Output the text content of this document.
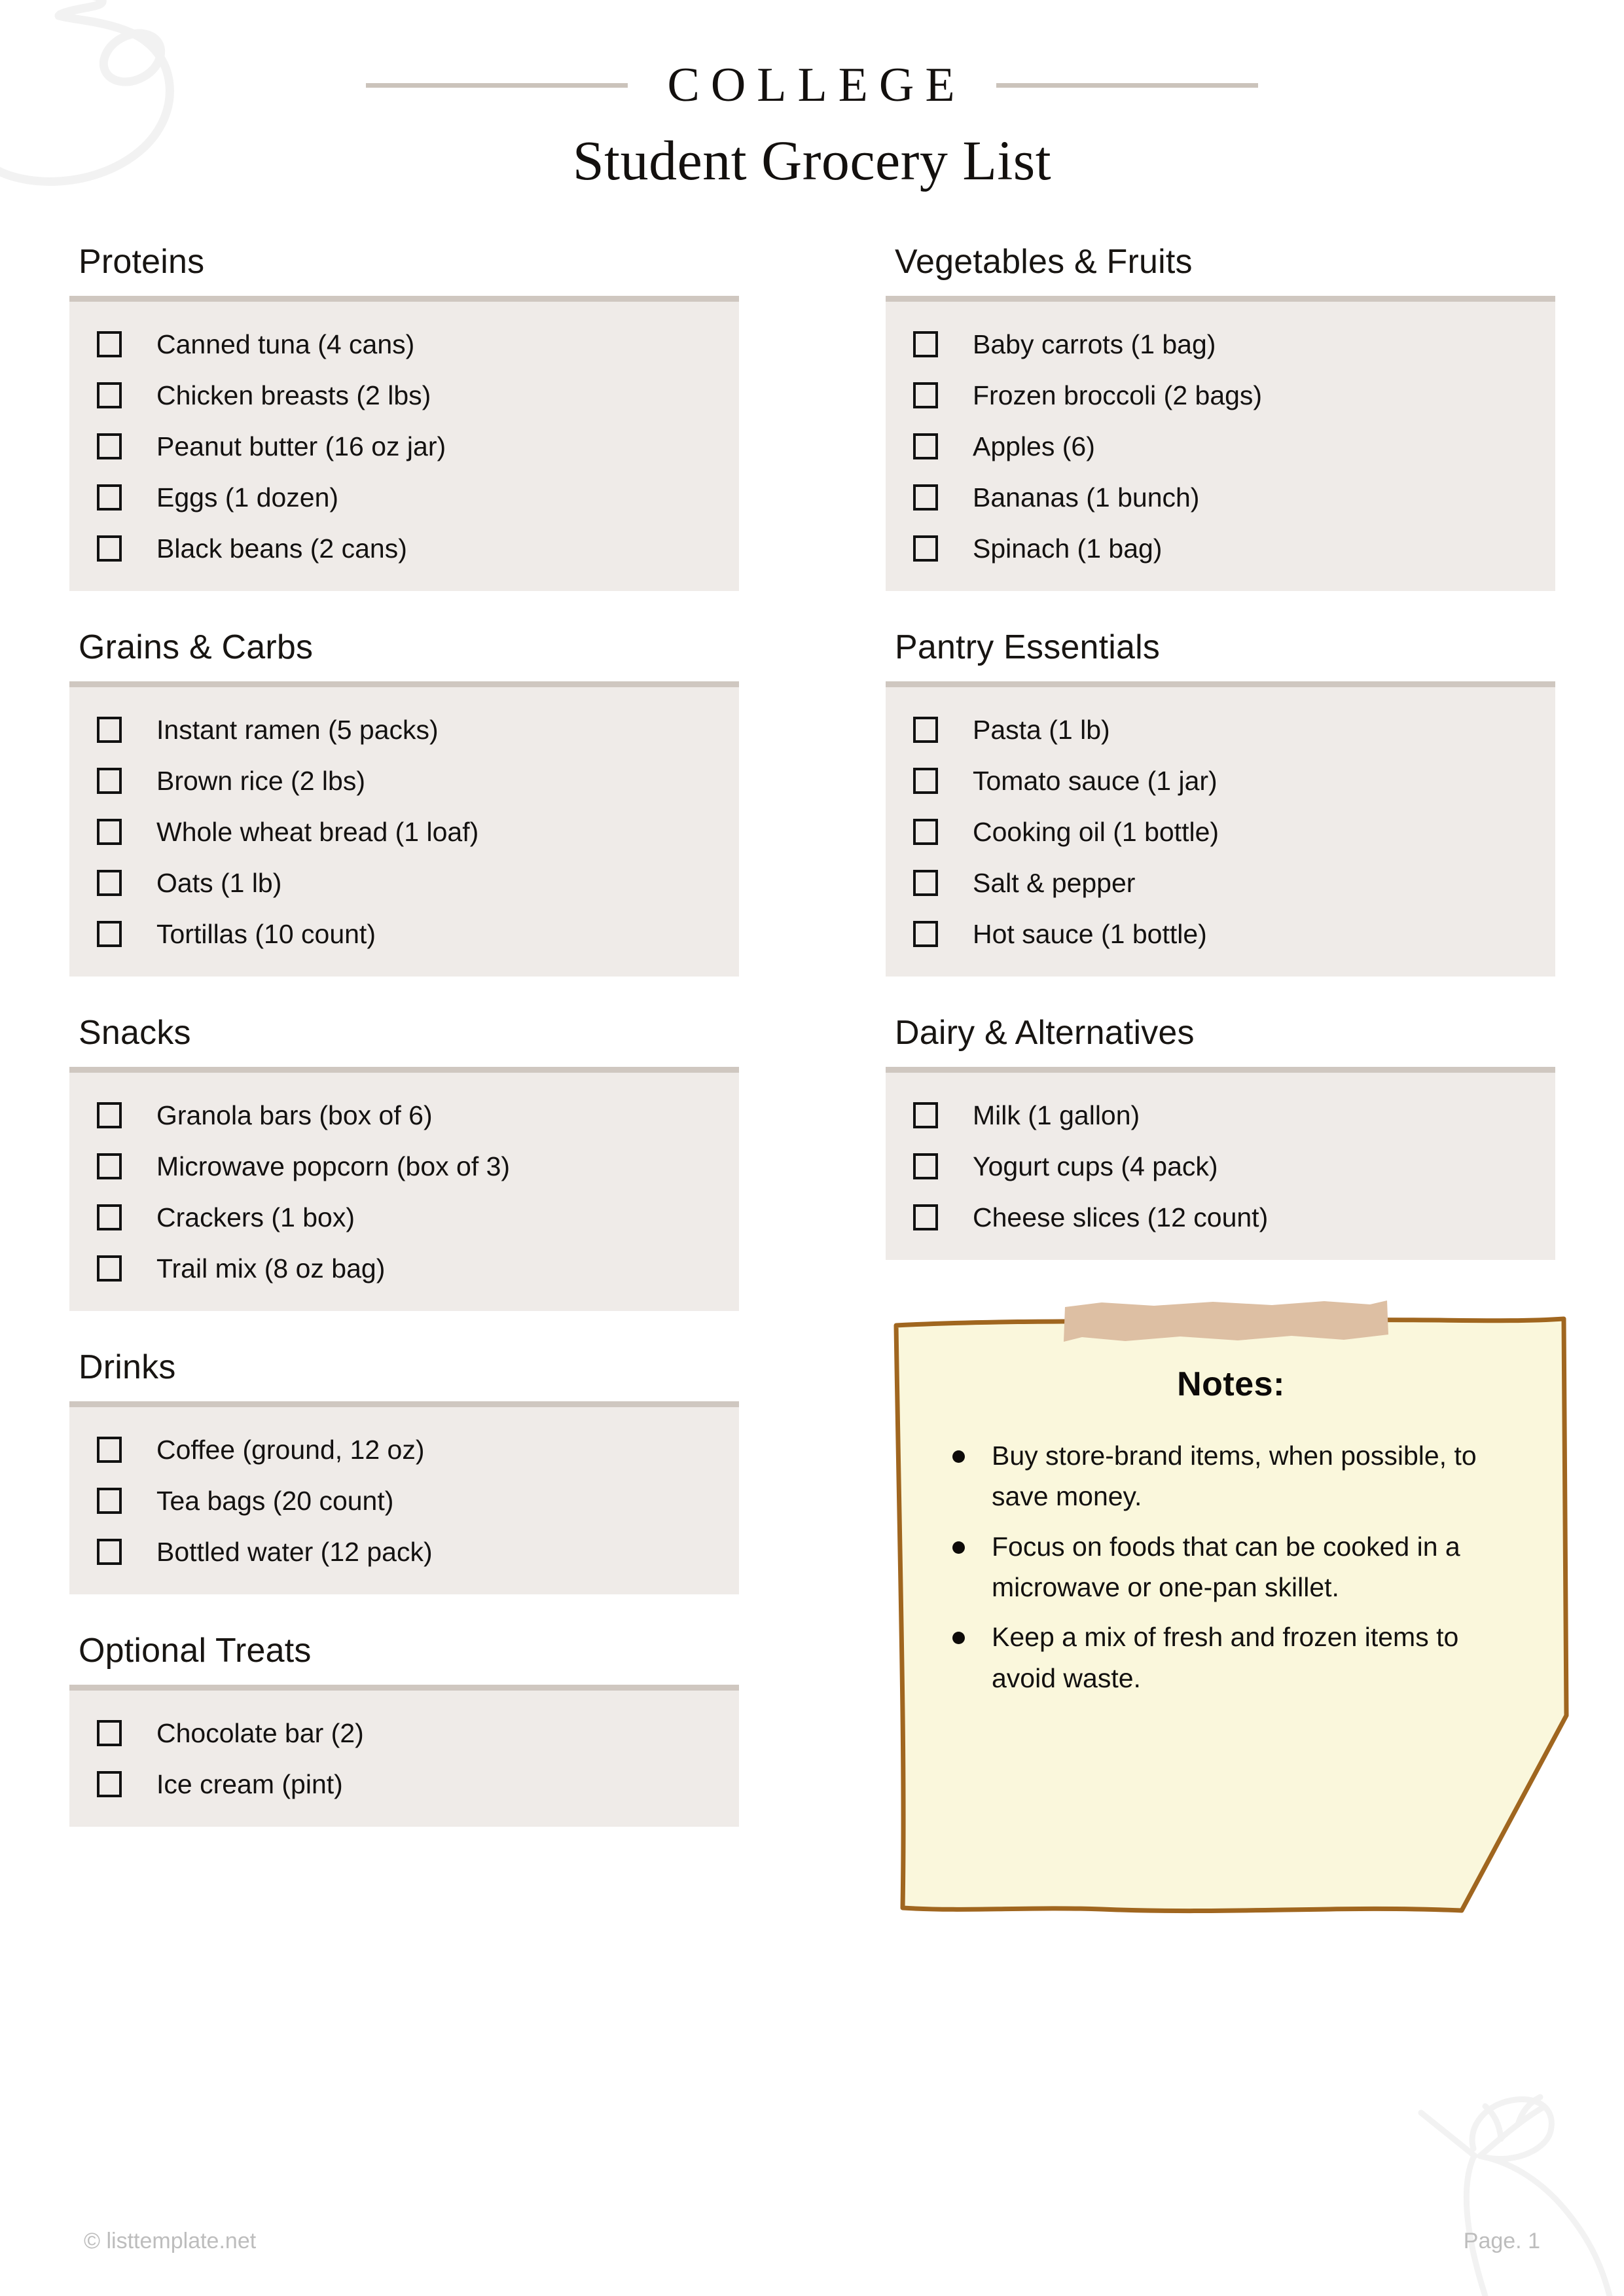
COLLEGE
Student Grocery List
Proteins
Canned tuna (4 cans)
Chicken breasts (2 lbs)
Peanut butter (16 oz jar)
Eggs (1 dozen)
Black beans (2 cans)
Grains & Carbs
Instant ramen (5 packs)
Brown rice (2 lbs)
Whole wheat bread (1 loaf)
Oats (1 lb)
Tortillas (10 count)
Snacks
Granola bars (box of 6)
Microwave popcorn (box of 3)
Crackers (1 box)
Trail mix (8 oz bag)
Drinks
Coffee (ground, 12 oz)
Tea bags (20 count)
Bottled water (12 pack)
Optional Treats
Chocolate bar (2)
Ice cream (pint)
Vegetables & Fruits
Baby carrots (1 bag)
Frozen broccoli (2 bags)
Apples (6)
Bananas (1 bunch)
Spinach (1 bag)
Pantry Essentials
Pasta (1 lb)
Tomato sauce (1 jar)
Cooking oil (1 bottle)
Salt & pepper
Hot sauce (1 bottle)
Dairy & Alternatives
Milk (1 gallon)
Yogurt cups (4 pack)
Cheese slices (12 count)
Notes:
Buy store-brand items, when possible, to save money.
Focus on foods that can be cooked in a microwave or one-pan skillet.
Keep a mix of fresh and frozen items to avoid waste.
© listtemplate.net	Page. 1
